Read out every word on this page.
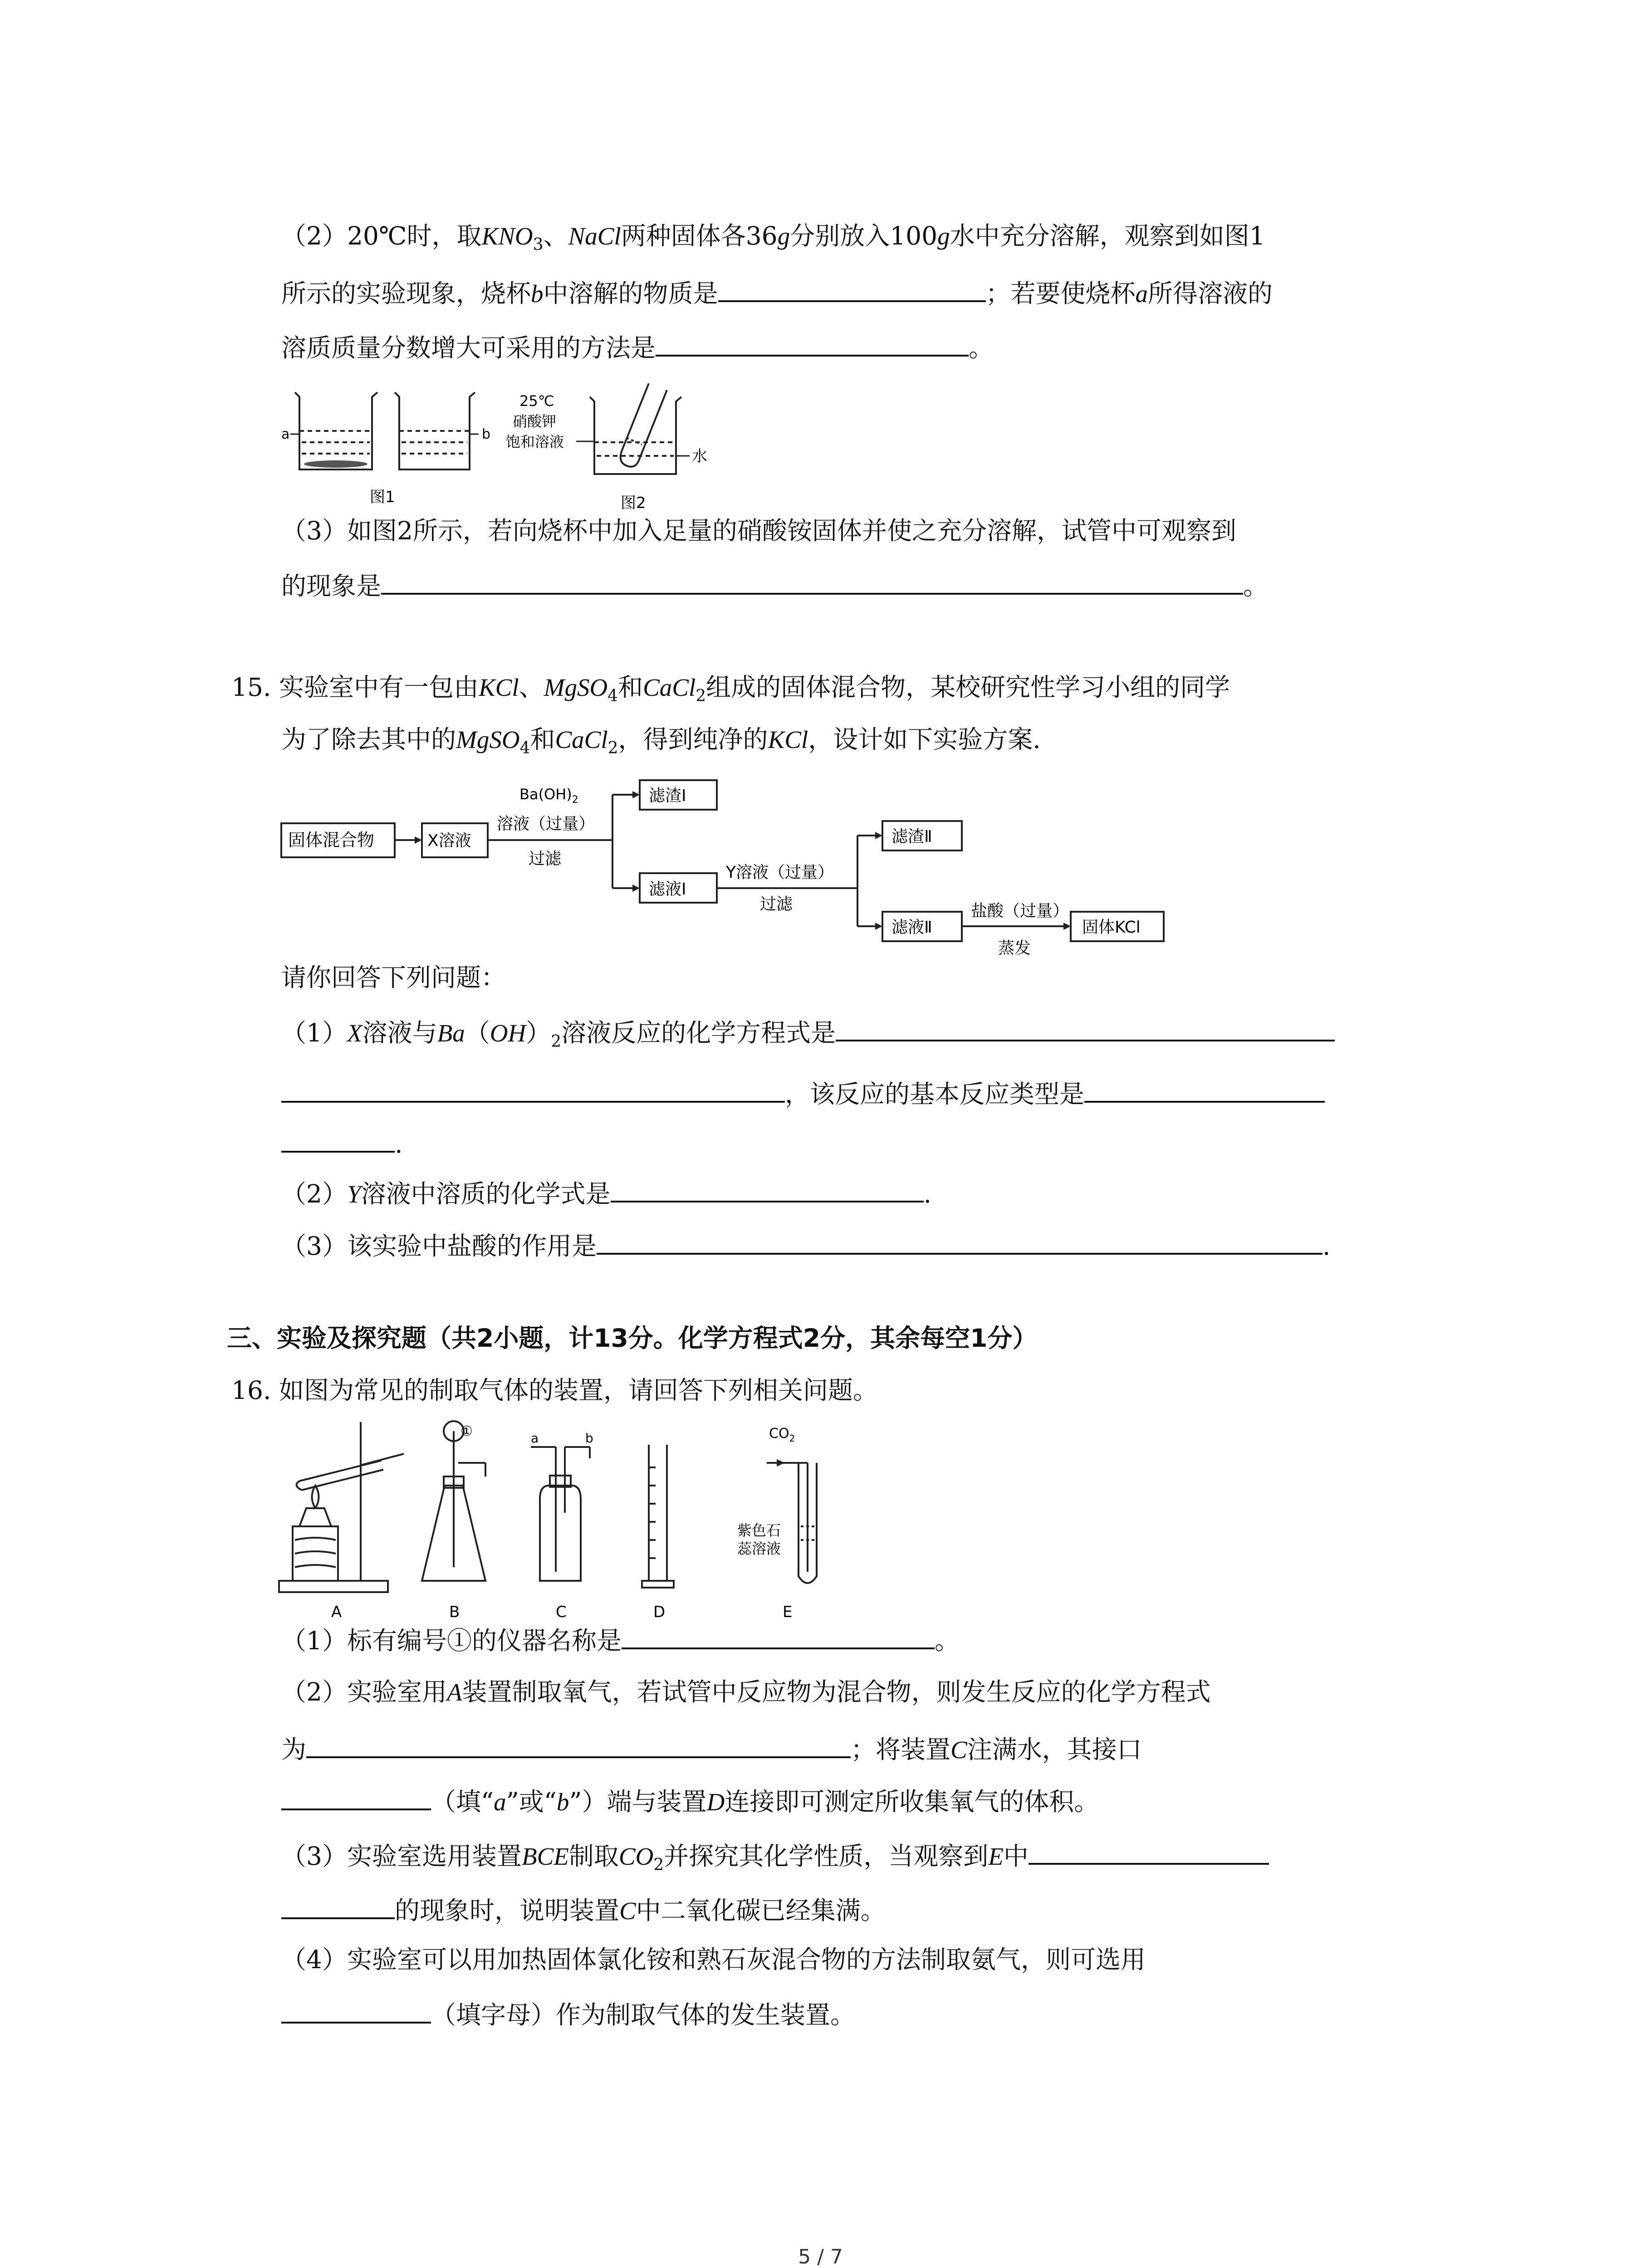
（2）20℃时，取$KNO_3$、NaCl两种固体各36g分别放入100g水中充分溶解，观察到如图1
所示的实验现象，烧杯b中溶解的物质是	；若要使烧杯a所得溶液的
溶质质量分数增大可采用的方法是	。
a	b
图1
25℃
硝酸钾
饱和溶液
水
图2
（3）如图2所示，若向烧杯中加入足量的硝酸铵固体并使之充分溶解，试管中可观察到
的现象是	。
15. 实验室中有一包由KCl、MgSO$_4$和CaCl$_2$组成的固体混合物，某校研究性学习小组的同学
为了除去其中的MgSO$_4$和CaCl$_2$，得到纯净的KCl，设计如下实验方案.
固体混合物	X溶液
$Ba(OH)_2$
溶液（过量）
过滤
滤渣Ⅰ
滤液Ⅰ
Y溶液（过量）
过滤
滤渣Ⅱ
滤液Ⅱ
盐酸（过量）
蒸发
固体KCl
请你回答下列问题：
（1）X溶液与$Ba(OH)_2$溶液反应的化学方程式是
，该反应的基本反应类型是
.
（2）Y溶液中溶质的化学式是	.
（3）该实验中盐酸的作用是	.
三、实验及探究题（共2小题，计13分。化学方程式2分，其余每空1分）
16. 如图为常见的制取气体的装置，请回答下列相关问题。
①	a	b	$CO_2$
紫色石
蕊溶液
A	B	C	D	E
（1）标有编号①的仪器名称是	。
（2）实验室用A装置制取氧气，若试管中反应物为混合物，则发生反应的化学方程式
为	；将装置C注满水，其接口
（填“a”或“b”）端与装置D连接即可测定所收集氧气的体积。
（3）实验室选用装置BCE制取$CO_2$并探究其化学性质，当观察到E中
的现象时，说明装置C中二氧化碳已经集满。
（4）实验室可以用加热固体氯化铵和熟石灰混合物的方法制取氨气，则可选用
（填字母）作为制取气体的发生装置。
5 / 7
